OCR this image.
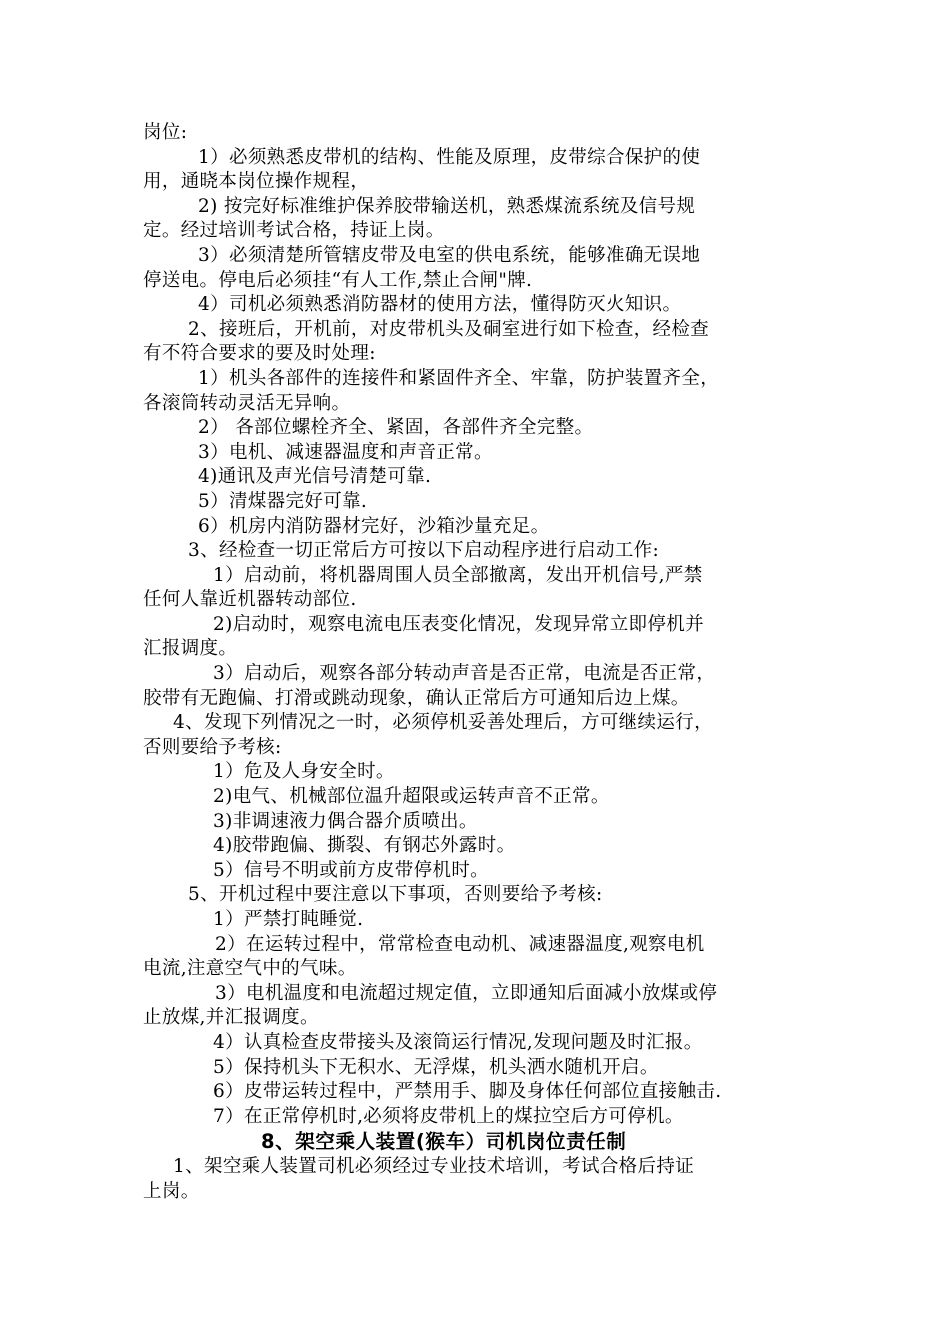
岗位:
1）必须熟悉皮带机的结构、性能及原理，皮带综合保护的使
用，通晓本岗位操作规程，
2) 按完好标准维护保养胶带输送机，熟悉煤流系统及信号规
定。经过培训考试合格，持证上岗。
3）必须清楚所管辖皮带及电室的供电系统，能够准确无误地
停送电。停电后必须挂“有人工作,禁止合闸"牌.
4）司机必须熟悉消防器材的使用方法，懂得防灭火知识。
2、接班后，开机前，对皮带机头及硐室进行如下检查，经检查
有不符合要求的要及时处理:
1）机头各部件的连接件和紧固件齐全、牢靠，防护装置齐全，
各滚筒转动灵活无异响。
2） 各部位螺栓齐全、紧固，各部件齐全完整。
3）电机、减速器温度和声音正常。
4)通讯及声光信号清楚可靠.
5）清煤器完好可靠.
6）机房内消防器材完好，沙箱沙量充足。
3、经检查一切正常后方可按以下启动程序进行启动工作:
1）启动前，将机器周围人员全部撤离，发出开机信号,严禁
任何人靠近机器转动部位.
2)启动时，观察电流电压表变化情况，发现异常立即停机并
汇报调度。
3）启动后，观察各部分转动声音是否正常，电流是否正常，
胶带有无跑偏、打滑或跳动现象，确认正常后方可通知后边上煤。
4、发现下列情况之一时，必须停机妥善处理后，方可继续运行，
否则要给予考核:
1）危及人身安全时。
2)电气、机械部位温升超限或运转声音不正常。
3)非调速液力偶合器介质喷出。
4)胶带跑偏、撕裂、有钢芯外露时。
5）信号不明或前方皮带停机时。
5、开机过程中要注意以下事项，否则要给予考核:
1）严禁打盹睡觉.
2）在运转过程中，常常检查电动机、减速器温度,观察电机
电流,注意空气中的气味。
3）电机温度和电流超过规定值，立即通知后面减小放煤或停
止放煤,并汇报调度。
4）认真检查皮带接头及滚筒运行情况,发现问题及时汇报。
5）保持机头下无积水、无浮煤，机头洒水随机开启。
6）皮带运转过程中，严禁用手、脚及身体任何部位直接触击.
7）在正常停机时,必须将皮带机上的煤拉空后方可停机。
8、架空乘人装置(猴车）司机岗位责任制
1、架空乘人装置司机必须经过专业技术培训，考试合格后持证
上岗。
